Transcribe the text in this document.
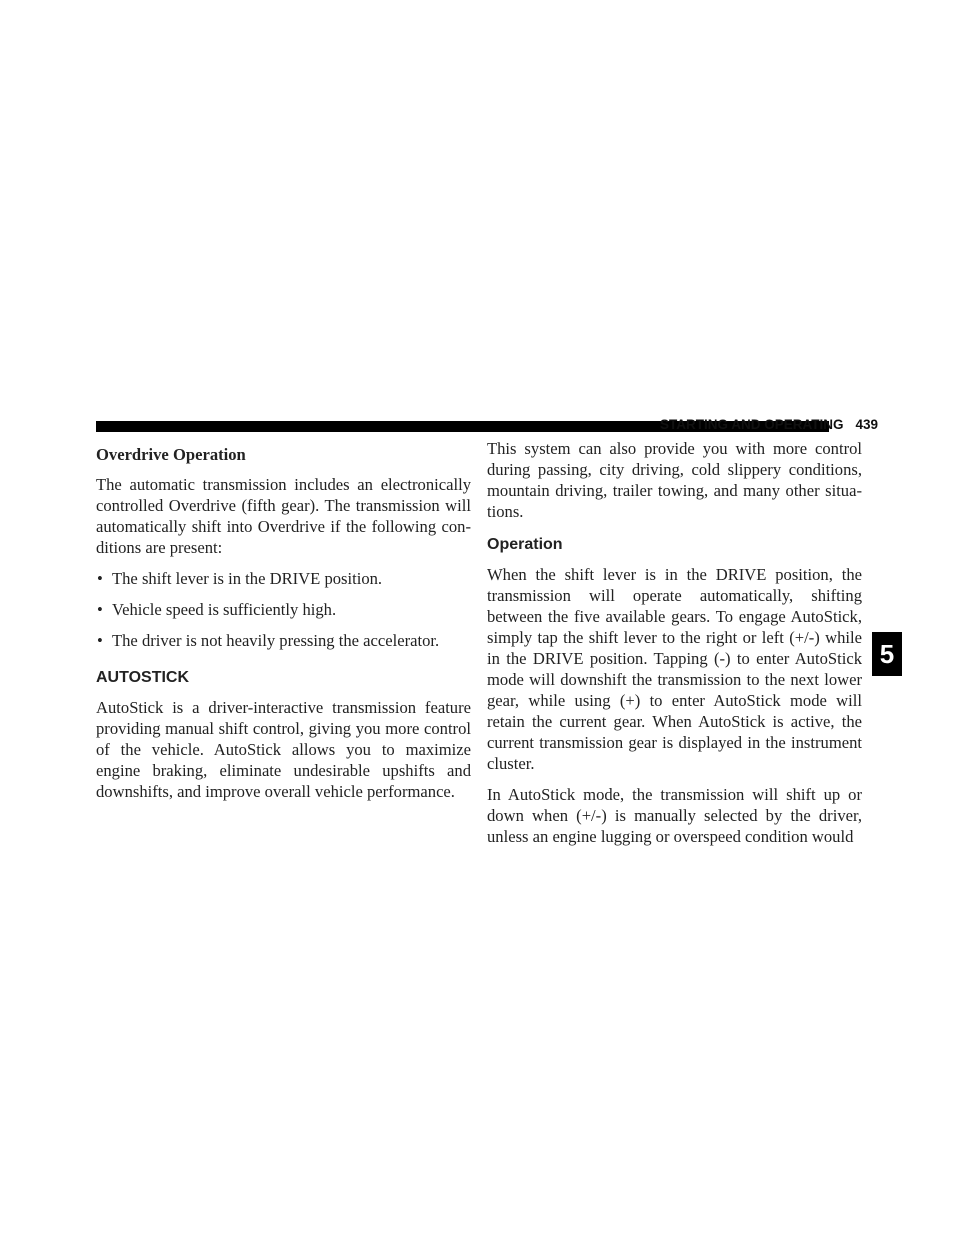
STARTING AND OPERATING 439
5
Overdrive Operation

The automatic transmission includes an electronically controlled Overdrive (fifth gear). The transmission will automatically shift into Overdrive if the following conditions are present:

• The shift lever is in the DRIVE position.
• Vehicle speed is sufficiently high.
• The driver is not heavily pressing the accelerator.
AUTOSTICK

AutoStick is a driver-interactive transmission feature providing manual shift control, giving you more control of the vehicle. AutoStick allows you to maximize engine braking, eliminate undesirable upshifts and downshifts, and improve overall vehicle performance.

This system can also provide you with more control during passing, city driving, cold slippery conditions, mountain driving, trailer towing, and many other situations.

Operation

When the shift lever is in the DRIVE position, the transmission will operate automatically, shifting between the five available gears. To engage AutoStick, simply tap the shift lever to the right or left (+/-) while in the DRIVE position. Tapping (-) to enter AutoStick mode will downshift the transmission to the next lower gear, while using (+) to enter AutoStick mode will retain the current gear. When AutoStick is active, the current transmission gear is displayed in the instrument cluster.

In AutoStick mode, the transmission will shift up or down when (+/-) is manually selected by the driver, unless an engine lugging or overspeed condition would
